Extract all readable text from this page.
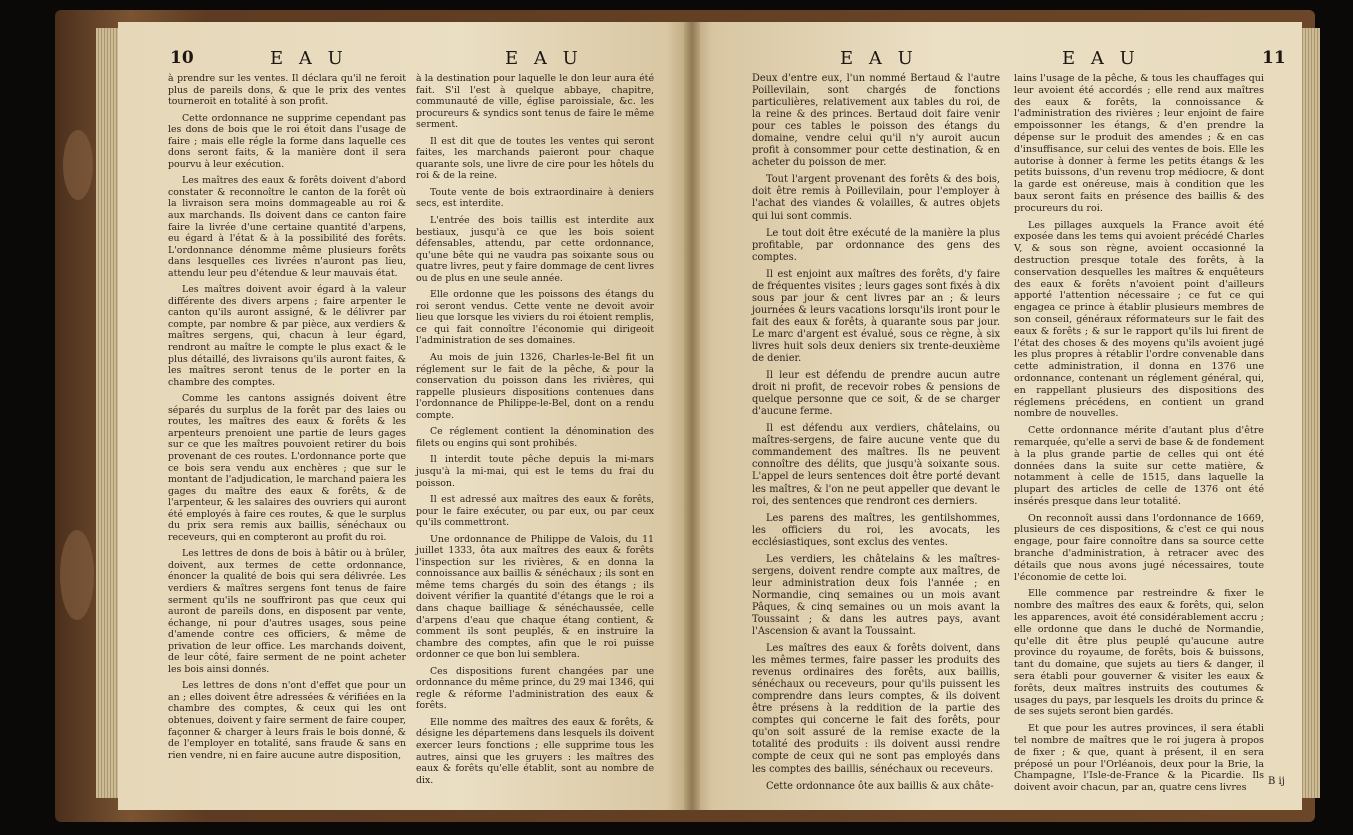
10	E A U	E A U	E A U	E A U	11

à prendre sur les ventes. Il déclara qu'il ne feroit plus de pareils dons, & que le prix des ventes tourneroit en totalité à son profit.

Cette ordonnance ne supprime cependant pas les dons de bois que le roi étoit dans l'usage de faire ; mais elle régle la forme dans laquelle ces dons seront faits, & la manière dont il sera pourvu à leur exécution.

Les maîtres des eaux & forêts doivent d'abord constater & reconnoître le canton de la forêt où la livraison sera moins dommageable au roi & aux marchands. Ils doivent dans ce canton faire faire la livrée d'une certaine quantité d'arpens, eu égard à l'état & à la possibilité des forêts. L'ordonnance dénomme même plusieurs forêts dans lesquelles ces livrées n'auront pas lieu, attendu leur peu d'étendue & leur mauvais état.

Les maîtres doivent avoir égard à la valeur différente des divers arpens ; faire arpenter le canton qu'ils auront assigné, & le délivrer par compte, par nombre & par pièce, aux verdiers & maîtres sergens, qui, chacun à leur égard, rendront au maître le compte le plus exact & le plus détaillé, des livraisons qu'ils auront faites, & les maîtres seront tenus de le porter en la chambre des comptes.

Comme les cantons assignés doivent être séparés du surplus de la forêt par des laies ou routes, les maîtres des eaux & forêts & les arpenteurs prenoient une partie de leurs gages sur ce que les maîtres pouvoient retirer du bois provenant de ces routes. L'ordonnance porte que ce bois sera vendu aux enchères ; que sur le montant de l'adjudication, le marchand paiera les gages du maître des eaux & forêts, & de l'arpenteur, & les salaires des ouvriers qui auront été employés à faire ces routes, & que le surplus du prix sera remis aux baillis, sénéchaux ou receveurs, qui en compteront au profit du roi.

Les lettres de dons de bois à bâtir ou à brûler, doivent, aux termes de cette ordonnance, énoncer la qualité de bois qui sera délivrée. Les verdiers & maîtres sergens font tenus de faire serment qu'ils ne souffriront pas que ceux qui auront de pareils dons, en disposent par vente, échange, ni pour d'autres usages, sous peine d'amende contre ces officiers, & même de privation de leur office. Les marchands doivent, de leur côté, faire serment de ne point acheter les bois ainsi donnés.

Les lettres de dons n'ont d'effet que pour un an ; elles doivent être adressées & vérifiées en la chambre des comptes, & ceux qui les ont obtenues, doivent y faire serment de faire couper, façonner & charger à leurs frais le bois donné, & de l'employer en totalité, sans fraude & sans en rien vendre, ni en faire aucune autre disposition,

à la destination pour laquelle le don leur aura été fait. S'il l'est à quelque abbaye, chapitre, communauté de ville, église paroissiale, &c. les procureurs & syndics sont tenus de faire le même serment.

Il est dit que de toutes les ventes qui seront faites, les marchands paieront pour chaque quarante sols, une livre de cire pour les hôtels du roi & de la reine.

Toute vente de bois extraordinaire à deniers secs, est interdite.

L'entrée des bois taillis est interdite aux bestiaux, jusqu'à ce que les bois soient défensables, attendu, par cette ordonnance, qu'une bête qui ne vaudra pas soixante sous ou quatre livres, peut y faire dommage de cent livres ou de plus en une seule année.

Elle ordonne que les poissons des étangs du roi seront vendus. Cette vente ne devoit avoir lieu que lorsque les viviers du roi étoient remplis, ce qui fait connoître l'économie qui dirigeoit l'administration de ses domaines.

Au mois de juin 1326, Charles-le-Bel fit un réglement sur le fait de la pêche, & pour la conservation du poisson dans les rivières, qui rappelle plusieurs dispositions contenues dans l'ordonnance de Philippe-le-Bel, dont on a rendu compte.

Ce réglement contient la dénomination des filets ou engins qui sont prohibés.

Il interdit toute pêche depuis la mi-mars jusqu'à la mi-mai, qui est le tems du frai du poisson.

Il est adressé aux maîtres des eaux & forêts, pour le faire exécuter, ou par eux, ou par ceux qu'ils commettront.

Une ordonnance de Philippe de Valois, du 11 juillet 1333, ôta aux maîtres des eaux & forêts l'inspection sur les rivières, & en donna la connoissance aux baillis & sénéchaux ; ils sont en même tems chargés du soin des étangs ; ils doivent vérifier la quantité d'étangs que le roi a dans chaque bailliage & sénéchaussée, celle d'arpens d'eau que chaque étang contient, & comment ils sont peuplés, & en instruire la chambre des comptes, afin que le roi puisse ordonner ce que bon lui semblera.

Ces dispositions furent changées par une ordonnance du même prince, du 29 mai 1346, qui regle & réforme l'administration des eaux & forêts.

Elle nomme des maîtres des eaux & forêts, & désigne les départemens dans lesquels ils doivent exercer leurs fonctions ; elle supprime tous les autres, ainsi que les gruyers : les maîtres des eaux & forêts qu'elle établit, sont au nombre de dix.

Deux d'entre eux, l'un nommé Bertaud & l'autre Poillevilain, sont chargés de fonctions particulières, relativement aux tables du roi, de la reine & des princes. Bertaud doit faire venir pour ces tables le poisson des étangs du domaine, vendre celui qu'il n'y auroit aucun profit à consommer pour cette destination, & en acheter du poisson de mer.

Tout l'argent provenant des forêts & des bois, doit être remis à Poillevilain, pour l'employer à l'achat des viandes & volailles, & autres objets qui lui sont commis.

Le tout doit être exécuté de la manière la plus profitable, par ordonnance des gens des comptes.

Il est enjoint aux maîtres des forêts, d'y faire de fréquentes visites ; leurs gages sont fixés à dix sous par jour & cent livres par an ; & leurs journées & leurs vacations lorsqu'ils iront pour le fait des eaux & forêts, à quarante sous par jour. Le marc d'argent est évalué, sous ce règne, à six livres huit sols deux deniers six trente-deuxième de denier.

Il leur est défendu de prendre aucun autre droit ni profit, de recevoir robes & pensions de quelque personne que ce soit, & de se charger d'aucune ferme.

Il est défendu aux verdiers, châtelains, ou maîtres-sergens, de faire aucune vente que du commandement des maîtres. Ils ne peuvent connoître des délits, que jusqu'à soixante sous. L'appel de leurs sentences doit être porté devant les maîtres, & l'on ne peut appeller que devant le roi, des sentences que rendront ces derniers.

Les parens des maîtres, les gentilshommes, les officiers du roi, les avocats, les ecclésiastiques, sont exclus des ventes.

Les verdiers, les châtelains & les maîtres-sergens, doivent rendre compte aux maîtres, de leur administration deux fois l'année ; en Normandie, cinq semaines ou un mois avant Pâques, & cinq semaines ou un mois avant la Toussaint ; & dans les autres pays, avant l'Ascension & avant la Toussaint.

Les maîtres des eaux & forêts doivent, dans les mêmes termes, faire passer les produits des revenus ordinaires des forêts, aux baillis, sénéchaux ou receveurs, pour qu'ils puissent les comprendre dans leurs comptes, & ils doivent être présens à la reddition de la partie des comptes qui concerne le fait des forêts, pour qu'on soit assuré de la remise exacte de la totalité des produits : ils doivent aussi rendre compte de ceux qui ne sont pas employés dans les comptes des baillis, sénéchaux ou receveurs.

Cette ordonnance ôte aux baillis & aux châte-

lains l'usage de la pêche, & tous les chauffages qui leur avoient été accordés ; elle rend aux maîtres des eaux & forêts, la connoissance & l'administration des rivières ; leur enjoint de faire empoissonner les étangs, & d'en prendre la dépense sur le produit des amendes ; & en cas d'insuffisance, sur celui des ventes de bois. Elle les autorise à donner à ferme les petits étangs & les petits buissons, d'un revenu trop médiocre, & dont la garde est onéreuse, mais à condition que les baux seront faits en présence des baillis & des procureurs du roi.

Les pillages auxquels la France avoit été exposée dans les tems qui avoient précédé Charles V, & sous son règne, avoient occasionné la destruction presque totale des forêts, à la conservation desquelles les maîtres & enquêteurs des eaux & forêts n'avoient point d'ailleurs apporté l'attention nécessaire ; ce fut ce qui engagea ce prince à établir plusieurs membres de son conseil, généraux réformateurs sur le fait des eaux & forêts ; & sur le rapport qu'ils lui firent de l'état des choses & des moyens qu'ils avoient jugé les plus propres à rétablir l'ordre convenable dans cette administration, il donna en 1376 une ordonnance, contenant un réglement général, qui, en rappellant plusieurs des dispositions des réglemens précédens, en contient un grand nombre de nouvelles.

Cette ordonnance mérite d'autant plus d'être remarquée, qu'elle a servi de base & de fondement à la plus grande partie de celles qui ont été données dans la suite sur cette matière, & notamment à celle de 1515, dans laquelle la plupart des articles de celle de 1376 ont été insérés presque dans leur totalité.

On reconnoît aussi dans l'ordonnance de 1669, plusieurs de ces dispositions, & c'est ce qui nous engage, pour faire connoître dans sa source cette branche d'administration, à retracer avec des détails que nous avons jugé nécessaires, toute l'économie de cette loi.

Elle commence par restreindre & fixer le nombre des maîtres des eaux & forêts, qui, selon les apparences, avoit été considérablement accru ; elle ordonne que dans le duché de Normandie, qu'elle dit être plus peuplé qu'aucune autre province du royaume, de forêts, bois & buissons, tant du domaine, que sujets au tiers & danger, il sera établi pour gouverner & visiter les eaux & forêts, deux maîtres instruits des coutumes & usages du pays, par lesquels les droits du prince & de ses sujets seront bien gardés.

Et que pour les autres provinces, il sera établi tel nombre de maîtres que le roi jugera à propos de fixer ; & que, quant à présent, il en sera préposé un pour l'Orléanois, deux pour la Brie, la Champagne, l'Isle-de-France & la Picardie. Ils doivent avoir chacun, par an, quatre cens livres

B ij
